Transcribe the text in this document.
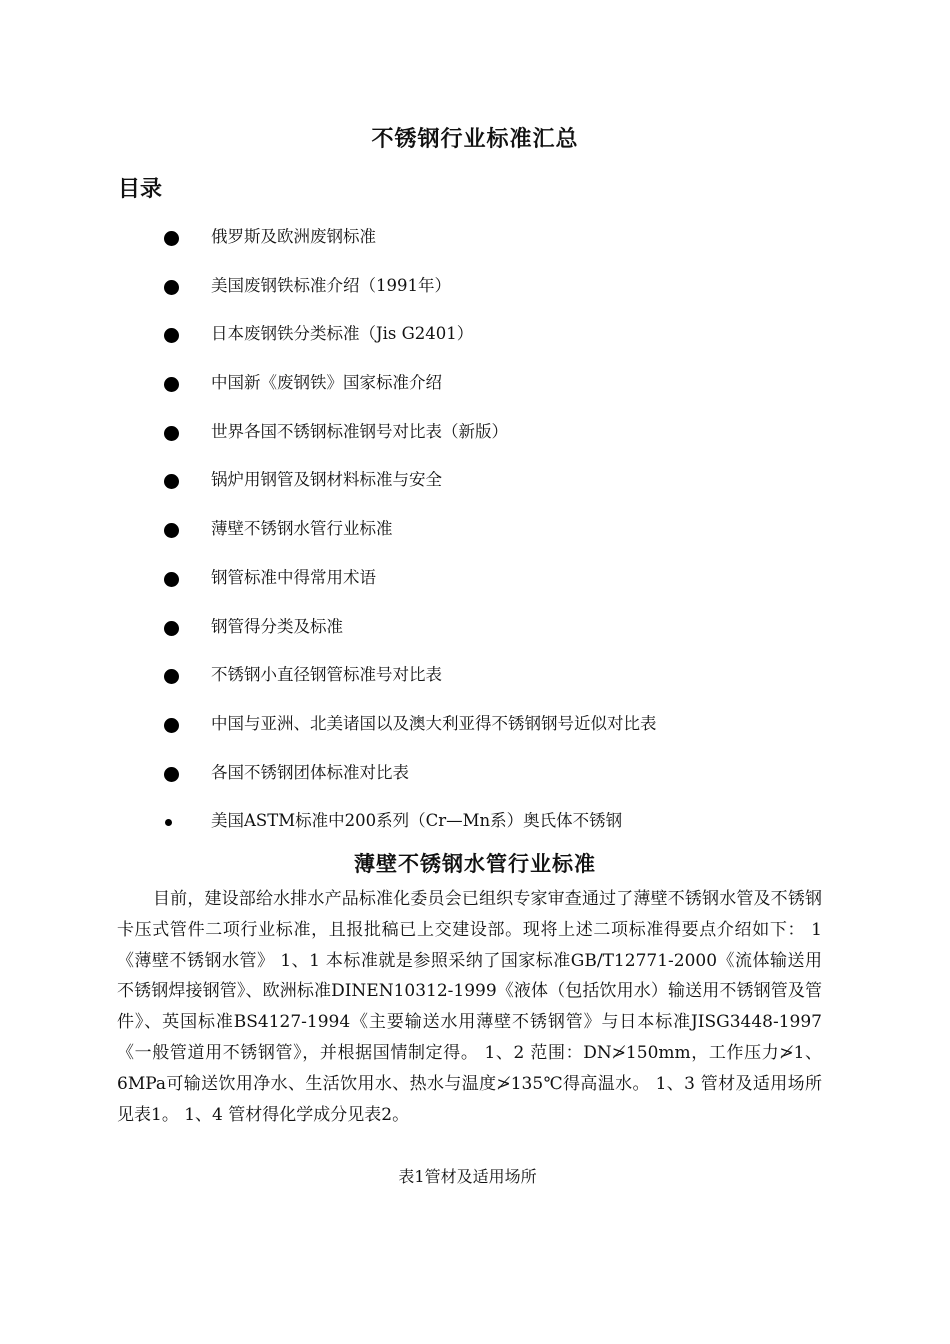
不锈钢行业标准汇总
目录
俄罗斯及欧洲废钢标准
美国废钢铁标准介绍（1991年）
日本废钢铁分类标准（Jis G2401）
中国新《废钢铁》国家标准介绍
世界各国不锈钢标准钢号对比表（新版）
锅炉用钢管及钢材料标准与安全
薄壁不锈钢水管行业标准
钢管标准中得常用术语
钢管得分类及标准
不锈钢小直径钢管标准号对比表
中国与亚洲、北美诸国以及澳大利亚得不锈钢钢号近似对比表
各国不锈钢团体标准对比表
美国ASTM标准中200系列（Cr—Mn系）奥氏体不锈钢
薄壁不锈钢水管行业标准

目前，建设部给水排水产品标准化委员会已组织专家审查通过了薄壁不锈钢水管及不锈钢卡压式管件二项行业标准，且报批稿已上交建设部。现将上述二项标准得要点介绍如下： 1《薄壁不锈钢水管》 1、1 本标准就是参照采纳了国家标准GB/T12771-2000《流体输送用不锈钢焊接钢管》、欧洲标准DINEN10312-1999《液体（包括饮用水）输送用不锈钢管及管件》、英国标准BS4127-1994《主要输送水用薄壁不锈钢管》与日本标准JISG3448-1997《一般管道用不锈钢管》，并根据国情制定得。 1、2 范围：DN≯150mm，工作压力≯1、6MPa可输送饮用净水、生活饮用水、热水与温度≯135℃得高温水。 1、3 管材及适用场所见表1。 1、4 管材得化学成分见表2。

表1管材及适用场所
